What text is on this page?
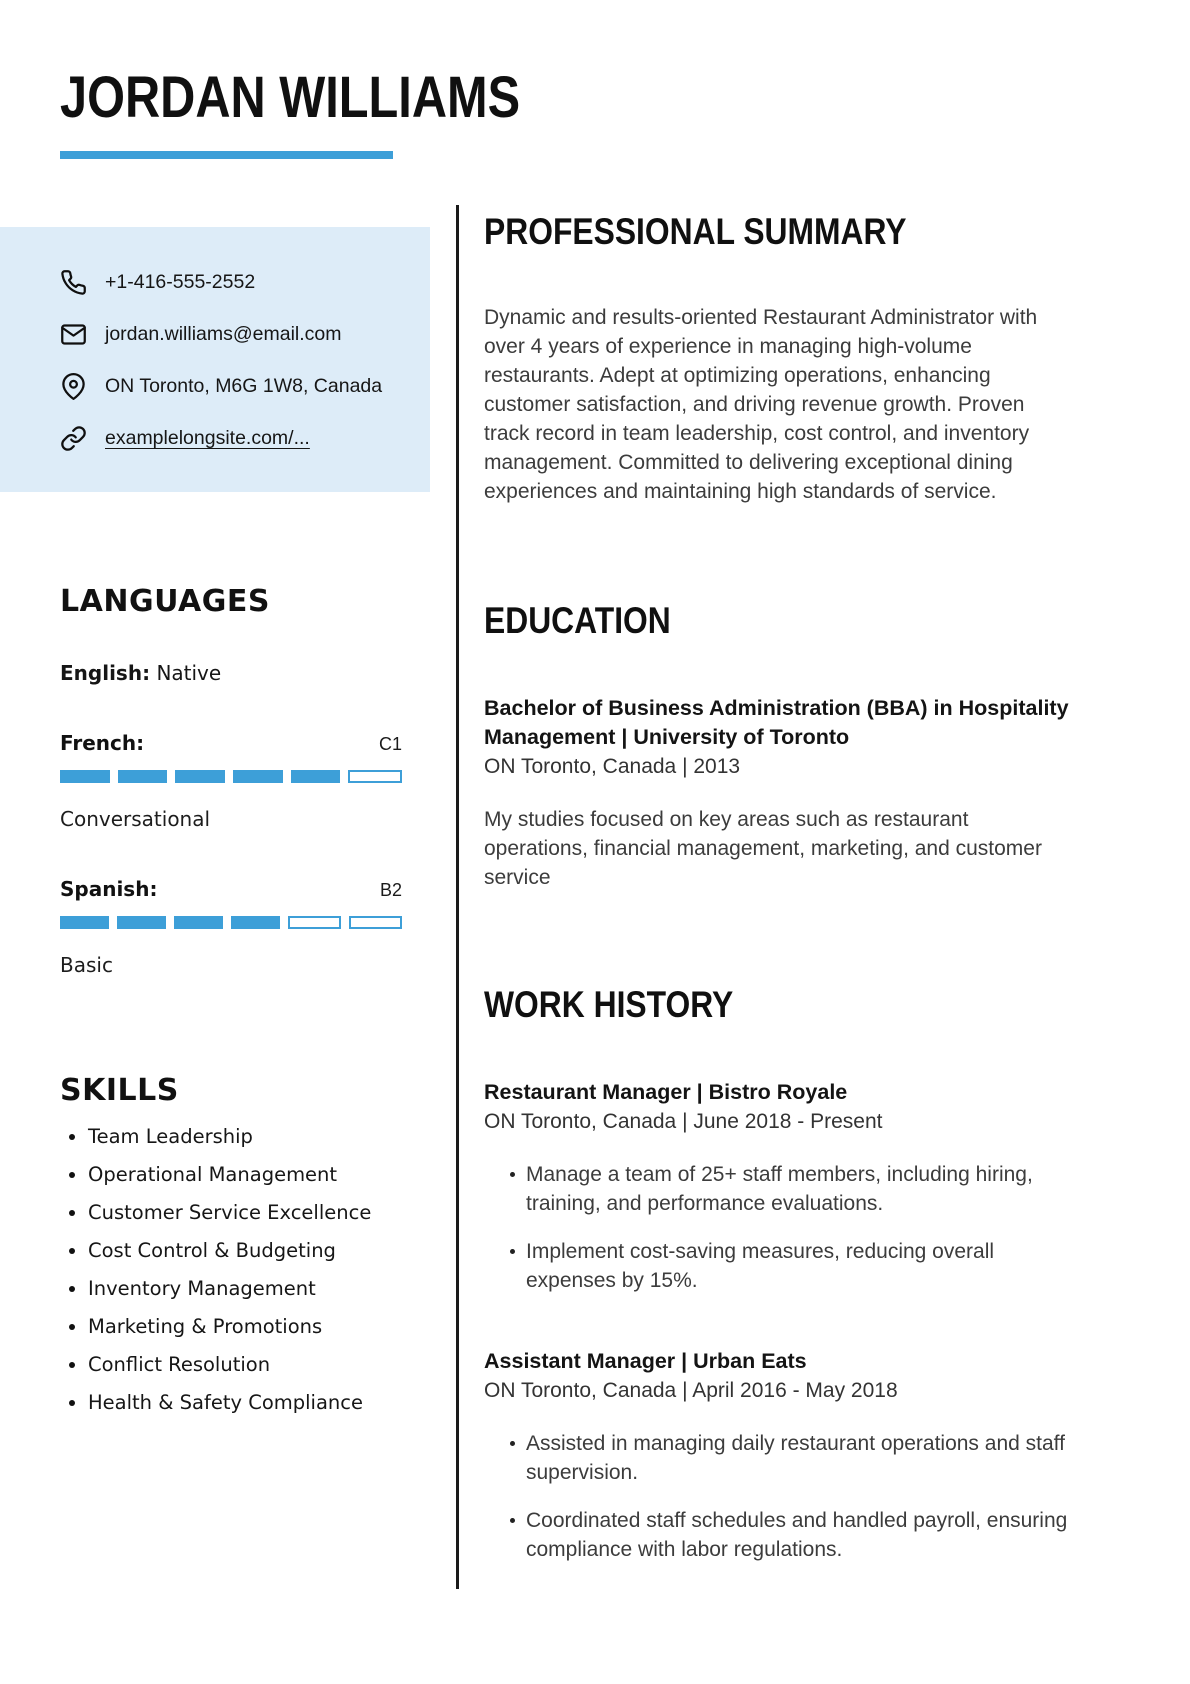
JORDAN WILLIAMS
+1-416-555-2552
jordan.williams@email.com
ON Toronto, M6G 1W8, Canada
examplelongsite.com/...
LANGUAGES

English: Native

French:	C1
Conversational
Spanish:	B2
Basic
SKILLS
Team Leadership
Operational Management
Customer Service Excellence
Cost Control & Budgeting
Inventory Management
Marketing & Promotions
Conflict Resolution
Health & Safety Compliance
PROFESSIONAL SUMMARY

Dynamic and results-oriented Restaurant Administrator with over 4 years of experience in managing high-volume restaurants. Adept at optimizing operations, enhancing customer satisfaction, and driving revenue growth. Proven track record in team leadership, cost control, and inventory management. Committed to delivering exceptional dining experiences and maintaining high standards of service.

EDUCATION
Bachelor of Business Administration (BBA) in Hospitality Management | University of Toronto

ON Toronto, Canada | 2013

My studies focused on key areas such as restaurant operations, financial management, marketing, and customer service

WORK HISTORY
Restaurant Manager | Bistro Royale

ON Toronto, Canada | June 2018 - Present

Manage a team of 25+ staff members, including hiring, training, and performance evaluations.
Implement cost-saving measures, reducing overall expenses by 15%.
Assistant Manager | Urban Eats

ON Toronto, Canada | April 2016 - May 2018

Assisted in managing daily restaurant operations and staff supervision.
Coordinated staff schedules and handled payroll, ensuring compliance with labor regulations.
